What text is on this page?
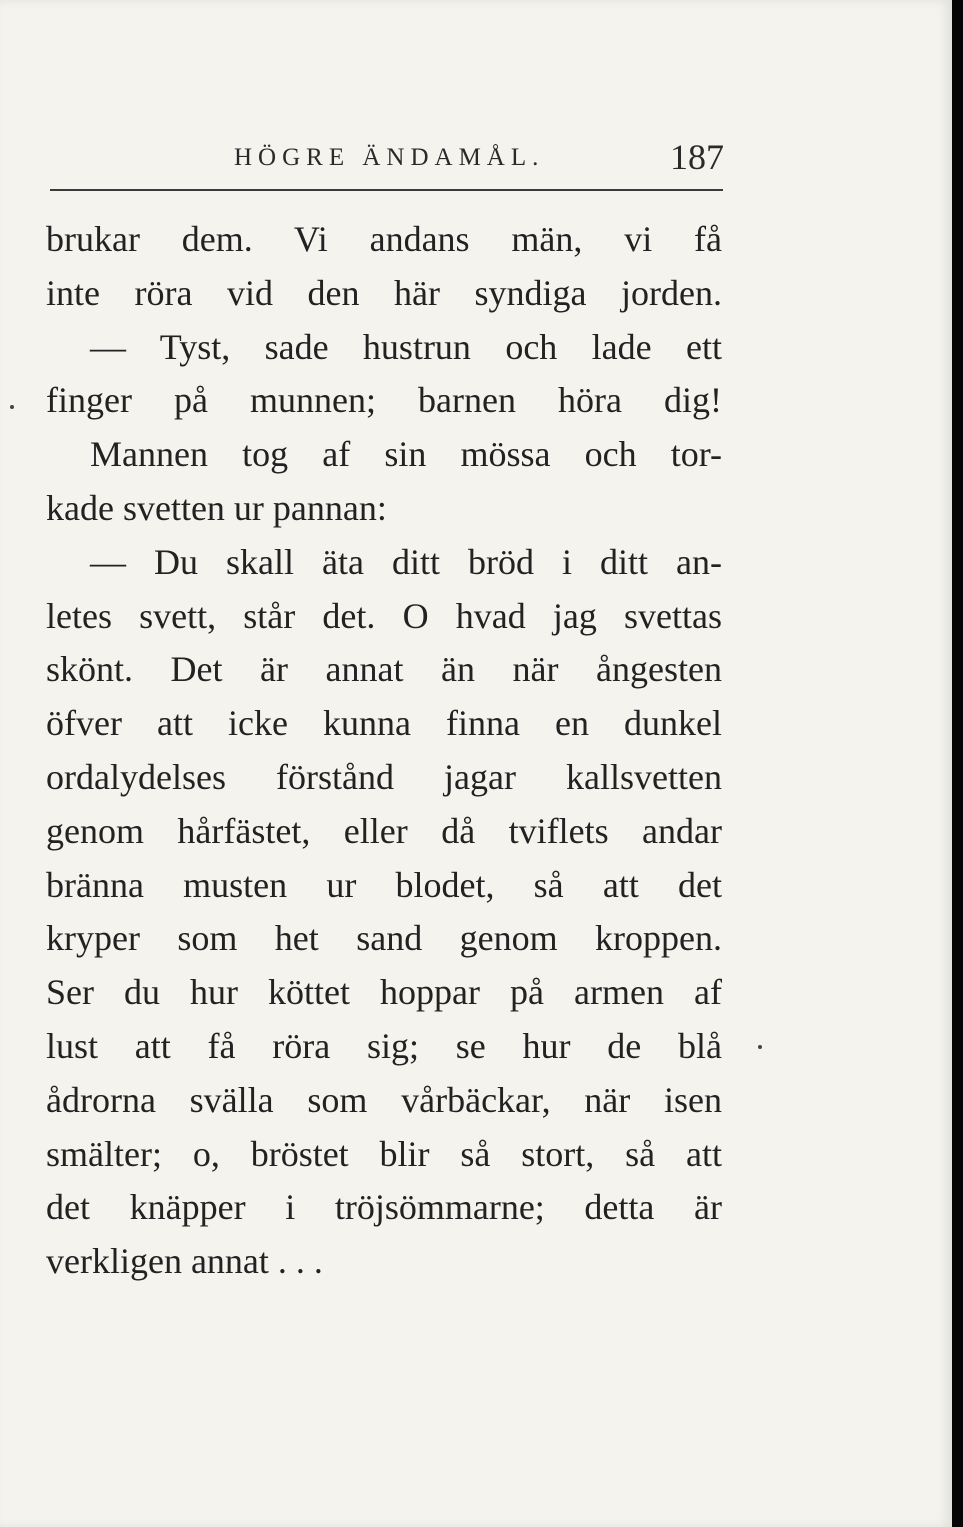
HÖGRE ÄNDAMÅL.	187
brukar dem. Vi andans män, vi få
inte röra vid den här syndiga jorden.
— Tyst, sade hustrun och lade ett
finger på munnen; barnen höra dig!
Mannen tog af sin mössa och tor-
kade svetten ur pannan:
— Du skall äta ditt bröd i ditt an-
letes svett, står det. O hvad jag svettas
skönt. Det är annat än när ångesten
öfver att icke kunna finna en dunkel
ordalydelses förstånd jagar kallsvetten
genom hårfästet, eller då tviflets andar
bränna musten ur blodet, så att det
kryper som het sand genom kroppen.
Ser du hur köttet hoppar på armen af
lust att få röra sig; se hur de blå
ådrorna svälla som vårbäckar, när isen
smälter; o, bröstet blir så stort, så att
det knäpper i tröjsömmarne; detta är
verkligen annat . . .
